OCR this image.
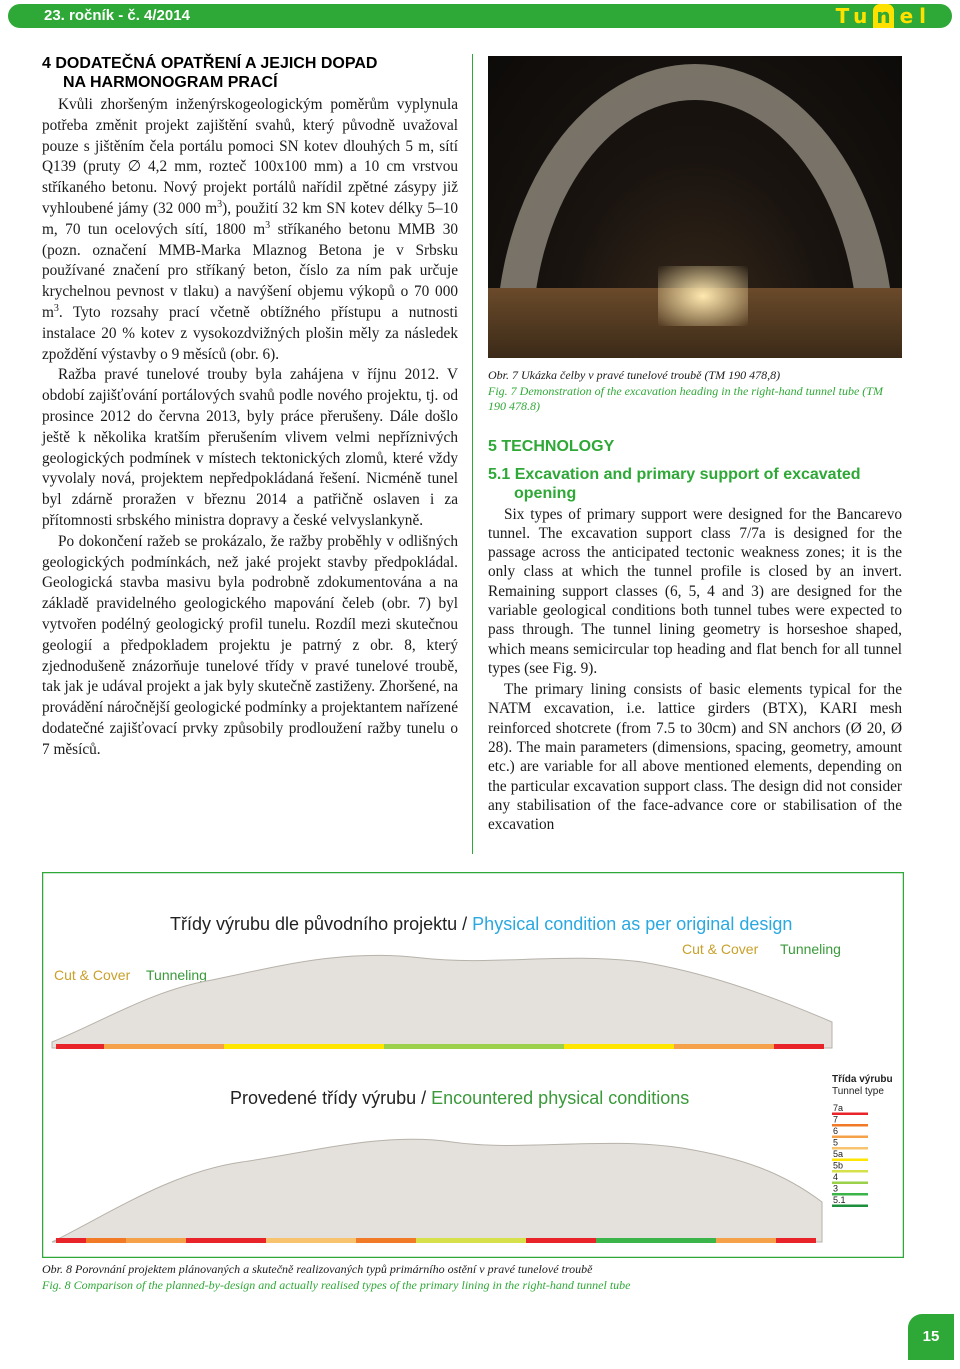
23. ročník - č. 4/2014	Tu n el
4 DODATEČNÁ OPATŘENÍ A JEJICH DOPAD
NA HARMONOGRAM PRACÍ

Kvůli zhoršeným inženýrskogeologickým poměrům vyplynula potřeba změnit projekt zajištění svahů, který původně uvažoval pouze s jištěním čela portálu pomoci SN kotev dlouhých 5 m, sítí Q139 (pruty ∅ 4,2 mm, rozteč 100x100 mm) a 10 cm vrstvou stříkaného betonu. Nový projekt portálů nařídil zpětné zásypy již vyhloubené jámy (32 000 $m^3$), použití 32 km SN kotev délky 5–10 m, 70 tun ocelových sítí, 1800 $m^3$ stříkaného betonu MMB 30 (pozn. označení MMB-Marka Mlaznog Betona je v Srbsku používané značení pro stříkaný beton, číslo za ním pak určuje krychelnou pevnost v tlaku) a navýšení objemu výkopů o 70 000 $m^3$. Tyto rozsahy prací včetně obtížného přístupu a nutnosti instalace 20 % kotev z vysokozdvižných plošin měly za následek zpoždění výstavby o 9 měsíců (obr. 6).

Ražba pravé tunelové trouby byla zahájena v říjnu 2012. V období zajišťování portálových svahů podle nového projektu, tj. od prosince 2012 do června 2013, byly práce přerušeny. Dále došlo ještě k několika kratším přerušením vlivem velmi nepříznivých geologických podmínek v místech tektonických zlomů, které vždy vyvolaly nová, projektem nepředpokládaná řešení. Nicméně tunel byl zdárně proražen v březnu 2014 a patřičně oslaven i za přítomnosti srbského ministra dopravy a české velvyslankyně.

Po dokončení ražeb se prokázalo, že ražby proběhly v odlišných geologických podmínkách, než jaké projekt stavby předpokládal. Geologická stavba masivu byla podrobně zdokumentována a na základě pravidelného geologického mapování čeleb (obr. 7) byl vytvořen podélný geologický profil tunelu. Rozdíl mezi skutečnou geologií a předpokladem projektu je patrný z obr. 8, který zjednodušeně znázorňuje tunelové třídy v pravé tunelové troubě, tak jak je udával projekt a jak byly skutečně zastiženy. Zhoršené, na provádění náročnější geologické podmínky a projektantem nařízené dodatečné zajišťovací prvky způsobily prodloužení ražby tunelu o 7 měsíců.

Obr. 7 Ukázka čelby v pravé tunelové troubě (TM 190 478,8)
Fig. 7 Demonstration of the excavation heading in the right-hand tunnel tube (TM 190 478.8)
5 TECHNOLOGY
5.1 Excavation and primary support of excavated
opening

Six types of primary support were designed for the Bancarevo tunnel. The excavation support class 7/7a is designed for the passage across the anticipated tectonic weakness zones; it is the only class at which the tunnel profile is closed by an invert. Remaining support classes (6, 5, 4 and 3) are designed for the variable geological conditions both tunnel tubes were expected to pass through. The tunnel lining geometry is horseshoe shaped, which means semicircular top heading and flat bench for all tunnel types (see Fig. 9).

The primary lining consists of basic elements typical for the NATM excavation, i.e. lattice girders (BTX), KARI mesh reinforced shotcrete (from 7.5 to 30cm) and SN anchors (Ø 20, Ø 28). The main parameters (dimensions, spacing, geometry, amount etc.) are variable for all above mentioned elements, depending on the particular excavation support class. The design did not consider any stabilisation of the face-advance core or stabilisation of the excavation

Třídy výrubu dle původního projektu / Physical condition as per original design
Cut & Cover Tunneling
Cut & Cover Tunneling
Provedené třídy výrubu / Encountered physical conditions
Třída výrubu
Tunnel type
7a
7
6
5
5a
5b
4
3
5.1
Obr. 8 Porovnání projektem plánovaných a skutečně realizovaných typů primárního ostění v pravé tunelové troubě
Fig. 8 Comparison of the planned-by-design and actually realised types of the primary lining in the right-hand tunnel tube
15
